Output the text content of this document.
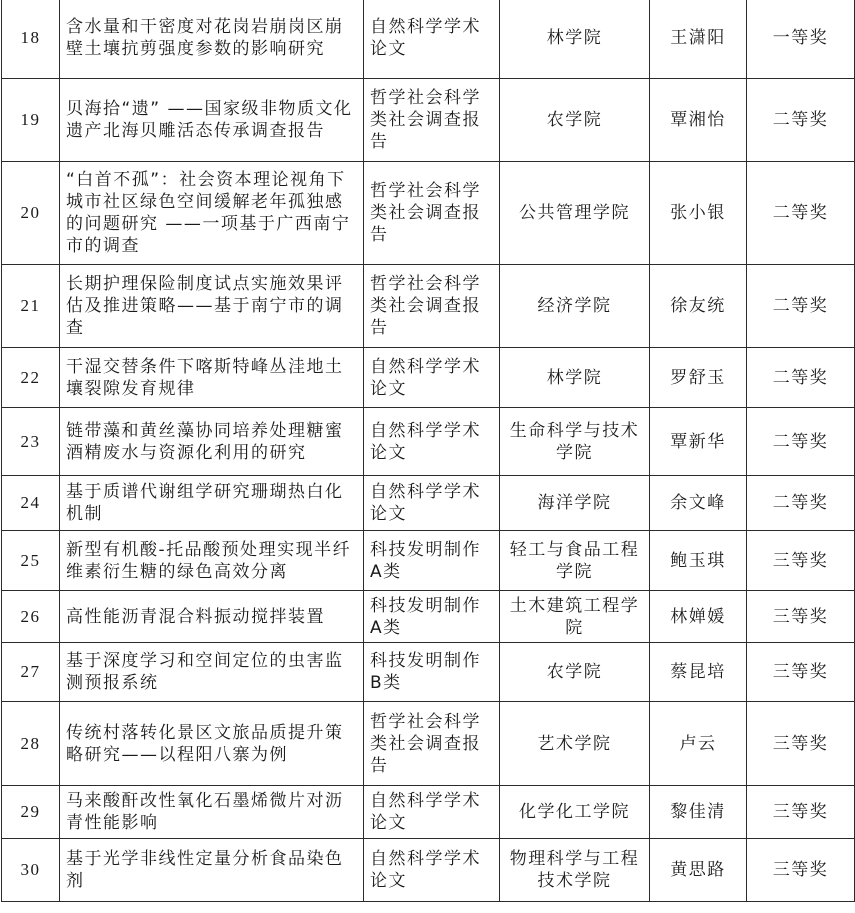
18	含水量和干密度对花岗岩崩岗区崩壁土壤抗剪强度参数的影响研究	自然科学学术论文	林学院	王潇阳	一等奖
19	贝海拾“遗” ——国家级非物质文化遗产北海贝雕活态传承调查报告	哲学社会科学类社会调查报告	农学院	覃湘怡	二等奖
20	“白首不孤”：社会资本理论视角下城市社区绿色空间缓解老年孤独感的问题研究 ——一项基于广西南宁市的调查	哲学社会科学类社会调查报告	公共管理学院	张小银	二等奖
21	长期护理保险制度试点实施效果评估及推进策略——基于南宁市的调查	哲学社会科学类社会调查报告	经济学院	徐友统	二等奖
22	干湿交替条件下喀斯特峰丛洼地土壤裂隙发育规律	自然科学学术论文	林学院	罗舒玉	二等奖
23	链带藻和黄丝藻协同培养处理糖蜜酒精废水与资源化利用的研究	自然科学学术论文	生命科学与技术学院	覃新华	二等奖
24	基于质谱代谢组学研究珊瑚热白化机制	自然科学学术论文	海洋学院	余文峰	二等奖
25	新型有机酸-托品酸预处理实现半纤维素衍生糖的绿色高效分离	科技发明制作A类	轻工与食品工程学院	鲍玉琪	三等奖
26	高性能沥青混合料振动搅拌装置	科技发明制作A类	土木建筑工程学院	林婵媛	三等奖
27	基于深度学习和空间定位的虫害监测预报系统	科技发明制作B类	农学院	蔡昆培	三等奖
28	传统村落转化景区文旅品质提升策略研究——以程阳八寨为例	哲学社会科学类社会调查报告	艺术学院	卢云	三等奖
29	马来酸酐改性氧化石墨烯微片对沥青性能影响	自然科学学术论文	化学化工学院	黎佳清	三等奖
30	基于光学非线性定量分析食品染色剂	自然科学学术论文	物理科学与工程技术学院	黄思路	三等奖
